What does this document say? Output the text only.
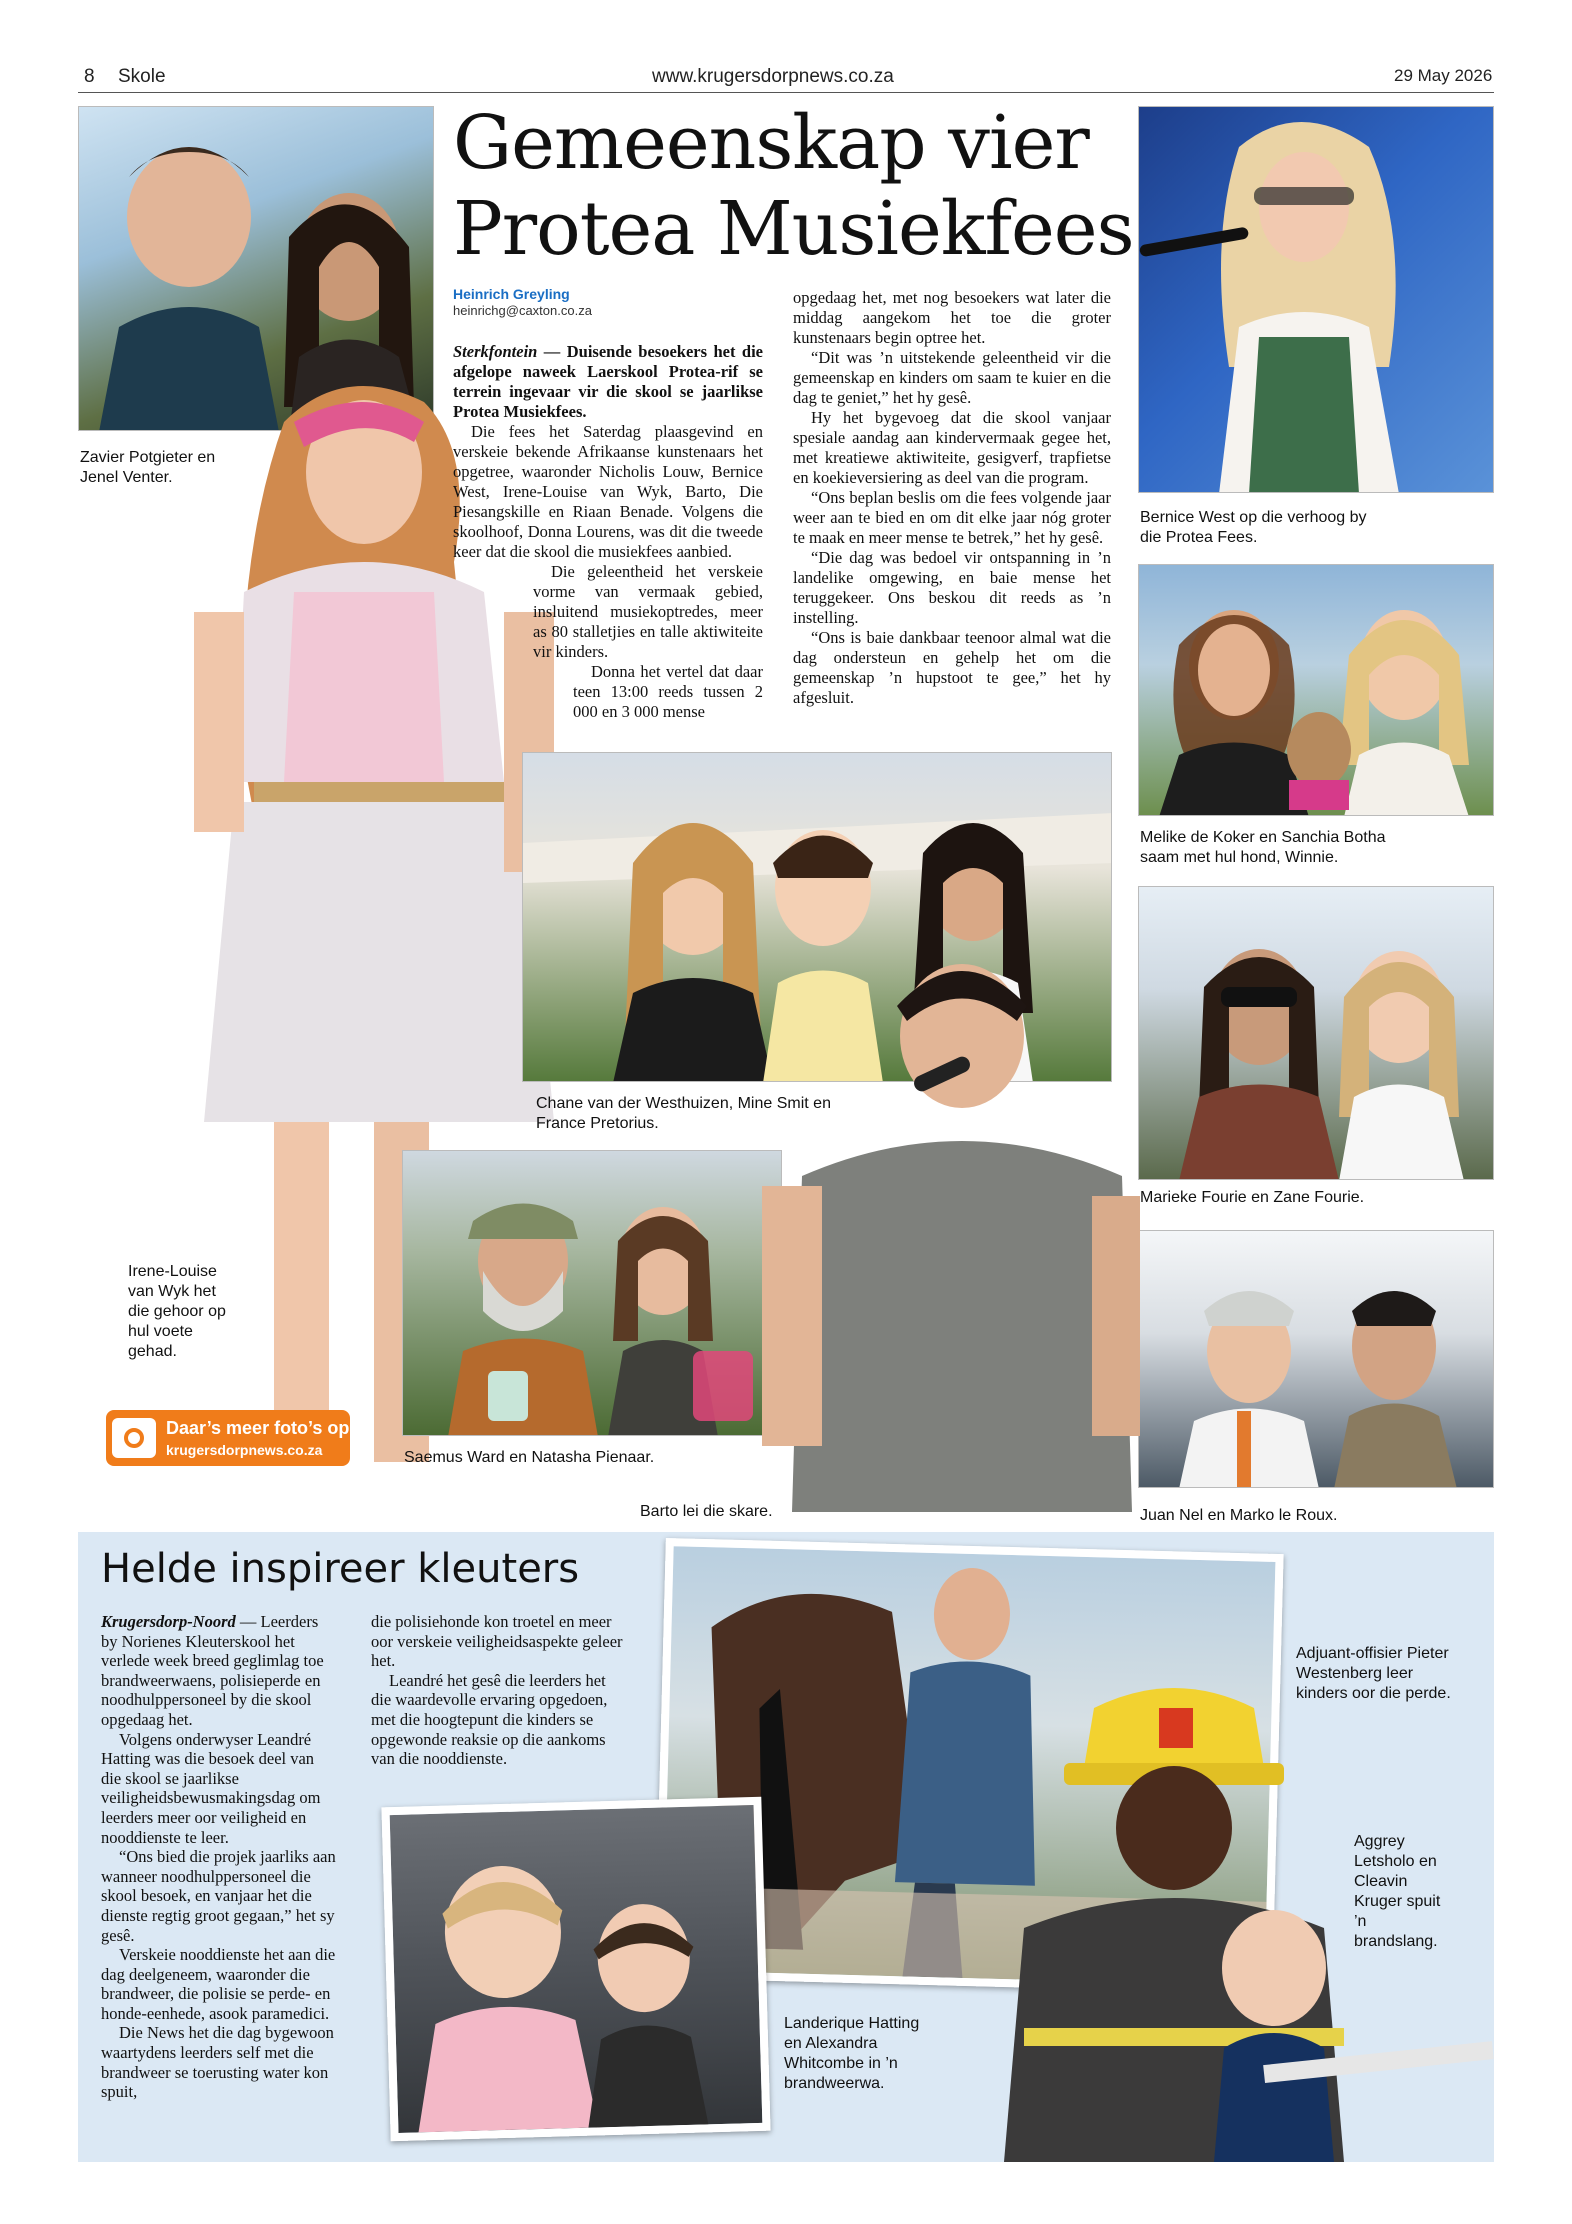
8 Skole	www.krugersdorpnews.co.za	29 May 2026
Zavier Potgieter en Jenel Venter.
Irene-Louise van Wyk het die gehoor op hul voete gehad.
Daar’s meer foto’s op
krugersdorpnews.co.za
Gemeenskap vier
Protea Musiekfees
Heinrich Greyling
heinrichg@caxton.co.za

Sterkfontein — Duisende besoekers het die afgelope naweek Laerskool Protea-rif se terrein ingevaar vir die skool se jaarlikse Protea Musiekfees.

Die fees het Saterdag plaasgevind en verskeie bekende Afrikaanse kunstenaars het opgetree, waaronder Nicholis Louw, Bernice West, Irene-Louise van Wyk, Barto, Die Piesangskille en Riaan Benade. Volgens die skoolhoof, Donna Lourens, was dit die tweede keer dat die skool die musiekfees aanbied.

Die geleentheid het verskeie vorme van vermaak gebied, insluitend musiekoptredes, meer as 80 stalletjies en talle aktiwiteite vir kinders.

Donna het vertel dat daar teen 13:00 reeds tussen 2 000 en 3 000 mense

opgedaag het, met nog besoekers wat later die middag aangekom het toe die groter kunstenaars begin optree het.

“Dit was ’n uitstekende geleentheid vir die gemeenskap en kinders om saam te kuier en die dag te geniet,” het hy gesê.

Hy het bygevoeg dat die skool vanjaar spesiale aandag aan kindervermaak gegee het, met kreatiewe aktiwiteite, gesigverf, trapfietse en koekieversiering as deel van die program.

“Ons beplan beslis om die fees volgende jaar weer aan te bied en om dit elke jaar nóg groter te maak en meer mense te betrek,” het hy gesê.

“Die dag was bedoel vir ontspanning in ’n landelike omgewing, en baie mense het teruggekeer. Ons beskou dit reeds as ’n instelling.

“Ons is baie dankbaar teenoor almal wat die dag ondersteun en gehelp het om die gemeenskap ’n hupstoot te gee,” het hy afgesluit.

Bernice West op die verhoog by die Protea Fees.
Melike de Koker en Sanchia Botha saam met hul hond, Winnie.
Marieke Fourie en Zane Fourie.
Juan Nel en Marko le Roux.
Chane van der Westhuizen, Mine Smit en France Pretorius.
Saemus Ward en Natasha Pienaar.
Barto lei die skare.
Helde inspireer kleuters

Krugersdorp-Noord — Leerders by Norienes Kleuterskool het verlede week breed geglimlag toe brandweerwaens, polisieperde en noodhulppersoneel by die skool opgedaag het.

Volgens onderwyser Leandré Hatting was die besoek deel van die skool se jaarlikse veiligheidsbewusmakingsdag om leerders meer oor veiligheid en nooddienste te leer.

“Ons bied die projek jaarliks aan wanneer noodhulppersoneel die skool besoek, en vanjaar het die dienste regtig groot gegaan,” het sy gesê.

Verskeie nooddienste het aan die dag deelgeneem, waaronder die brandweer, die polisie se perde- en honde-eenhede, asook paramedici.

Die News het die dag bygewoon waartydens leerders self met die brandweer se toerusting water kon spuit,

die polisiehonde kon troetel en meer oor verskeie veiligheidsaspekte geleer het.

Leandré het gesê die leerders het die waardevolle ervaring opgedoen, met die hoogtepunt die kinders se opgewonde reaksie op die aankoms van die nooddienste.

Adjuant-offisier Pieter Westenberg leer kinders oor die perde.
Landerique Hatting en Alexandra Whitcombe in ’n brandweerwa.
Aggrey Letsholo en Cleavin Kruger spuit ’n brandslang.
